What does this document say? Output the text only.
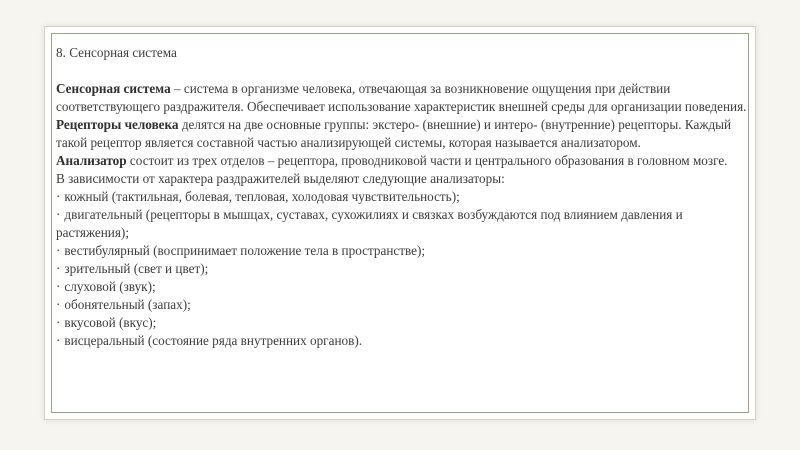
8. Сенсорная система

Сенсорная система – система в организме человека, отвечающая за возникновение ощущения при действии соответствующего раздражителя. Обеспечивает использование характеристик внешней среды для организации поведения.

Рецепторы человека делятся на две основные группы: экстеро- (внешние) и интеро- (внутренние) рецепторы. Каждый такой рецептор является составной частью анализирующей системы, которая называется анализатором.

Анализатор состоит из трех отделов – рецептора, проводниковой части и центрального образования в головном мозге.

В зависимости от характера раздражителей выделяют следующие анализаторы:

· кожный (тактильная, болевая, тепловая, холодовая чувствительность);
· двигательный (рецепторы в мышцах, суставах, сухожилиях и связках возбуждаются под влиянием давления и растяжения);
· вестибулярный (воспринимает положение тела в пространстве);
· зрительный (свет и цвет);
· слуховой (звук);
· обонятельный (запах);
· вкусовой (вкус);
· висцеральный (состояние ряда внутренних органов).
